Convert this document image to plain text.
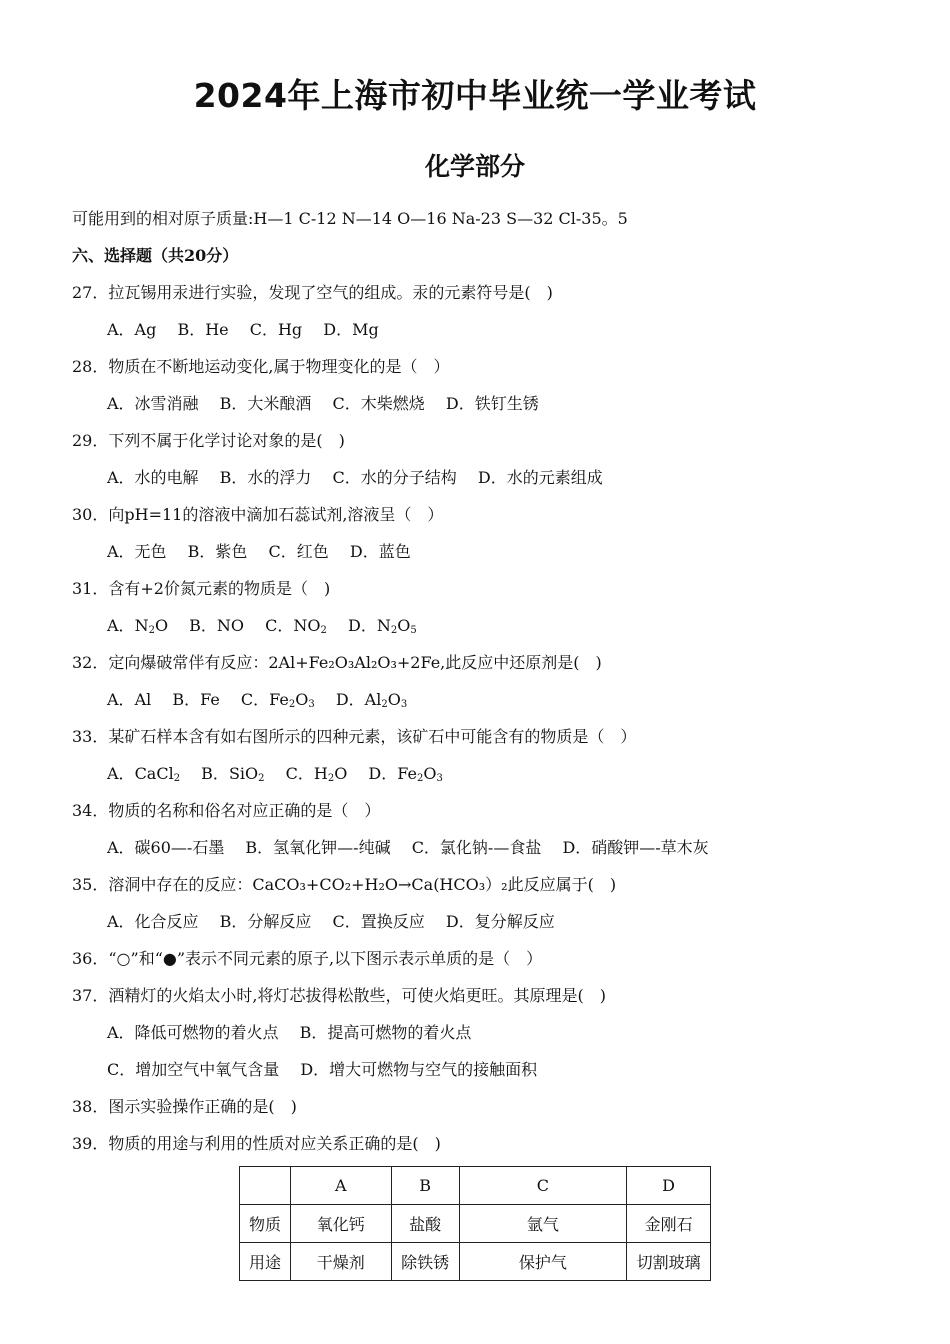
2024年上海市初中毕业统一学业考试
化学部分
可能用到的相对原子质量:H—1 C-12 N—14 O—16 Na-23 S—32 Cl-35。5
六、选择题（共20分）
27．拉瓦锡用汞进行实验，发现了空气的组成。汞的元素符号是(　)
A．Ag　 B．He　 C．Hg　 D．Mg
28．物质在不断地运动变化,属于物理变化的是（　）
A．冰雪消融　 B．大米酿酒　 C．木柴燃烧　 D．铁钉生锈
29．下列不属于化学讨论对象的是(　)
A．水的电解　 B．水的浮力　 C．水的分子结构　 D．水的元素组成
30．向pH=11的溶液中滴加石蕊试剂,溶液呈（　）
A．无色　 B．紫色　 C．红色　 D．蓝色
31．含有+2价氮元素的物质是（　)
A．$N_2O$　 B．NO　 C．$NO_2$　 D．$N_2O_5$
32．定向爆破常伴有反应：2Al+Fe₂O₃Al₂O₃+2Fe,此反应中还原剂是(　)
A．Al　 B．Fe　 C．$Fe_2O_3$　 D．$Al_2O_3$
33．某矿石样本含有如右图所示的四种元素，该矿石中可能含有的物质是（　）
A．CaCl$_2$　 B．SiO$_2$　 C．$H_2O$　 D．$Fe_2O_3$
34．物质的名称和俗名对应正确的是（　）
A．碳60—-石墨　 B．氢氧化钾—-纯碱　 C．氯化钠-—食盐　 D．硝酸钾—-草木灰
35．溶洞中存在的反应：CaCO₃+CO₂+H₂O→Ca(HCO₃）₂此反应属于(　)
A．化合反应　 B．分解反应　 C．置换反应　 D．复分解反应
36．“○”和“●”表示不同元素的原子,以下图示表示单质的是（　）
37．酒精灯的火焰太小时,将灯芯拔得松散些，可使火焰更旺。其原理是(　)
A．降低可燃物的着火点　 B．提高可燃物的着火点
C．增加空气中氧气含量　 D．增大可燃物与空气的接触面积
38．图示实验操作正确的是(　)
39．物质的用途与利用的性质对应关系正确的是(　)
	A	B	C	D
物质	氧化钙	盐酸	氩气	金刚石
用途	干燥剂	除铁锈	保护气	切割玻璃
